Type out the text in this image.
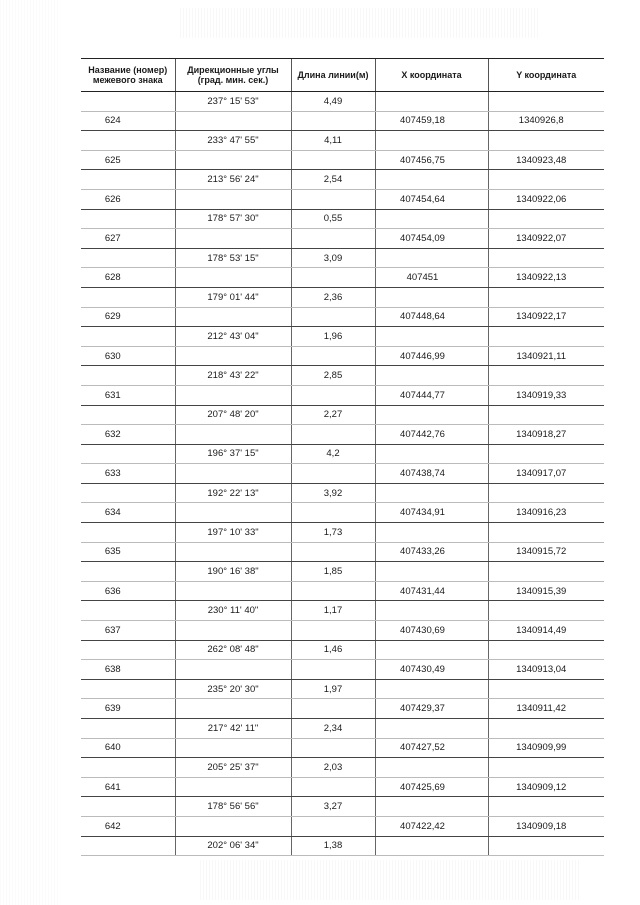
Название (номер) межевого знака	Дирекционные углы (град. мин. сек.)	Длина линии(м)	X координата	Y координата
	237° 15' 53"	4,49		
624			407459,18	1340926,8
	233° 47' 55"	4,11		
625			407456,75	1340923,48
	213° 56' 24"	2,54		
626			407454,64	1340922,06
	178° 57' 30"	0,55		
627			407454,09	1340922,07
	178° 53' 15"	3,09		
628			407451	1340922,13
	179° 01' 44"	2,36		
629			407448,64	1340922,17
	212° 43' 04"	1,96		
630			407446,99	1340921,11
	218° 43' 22"	2,85		
631			407444,77	1340919,33
	207° 48' 20"	2,27		
632			407442,76	1340918,27
	196° 37' 15"	4,2		
633			407438,74	1340917,07
	192° 22' 13"	3,92		
634			407434,91	1340916,23
	197° 10' 33"	1,73		
635			407433,26	1340915,72
	190° 16' 38"	1,85		
636			407431,44	1340915,39
	230° 11' 40"	1,17		
637			407430,69	1340914,49
	262° 08' 48"	1,46		
638			407430,49	1340913,04
	235° 20' 30"	1,97		
639			407429,37	1340911,42
	217° 42' 11"	2,34		
640			407427,52	1340909,99
	205° 25' 37"	2,03		
641			407425,69	1340909,12
	178° 56' 56"	3,27		
642			407422,42	1340909,18
	202° 06' 34"	1,38		
